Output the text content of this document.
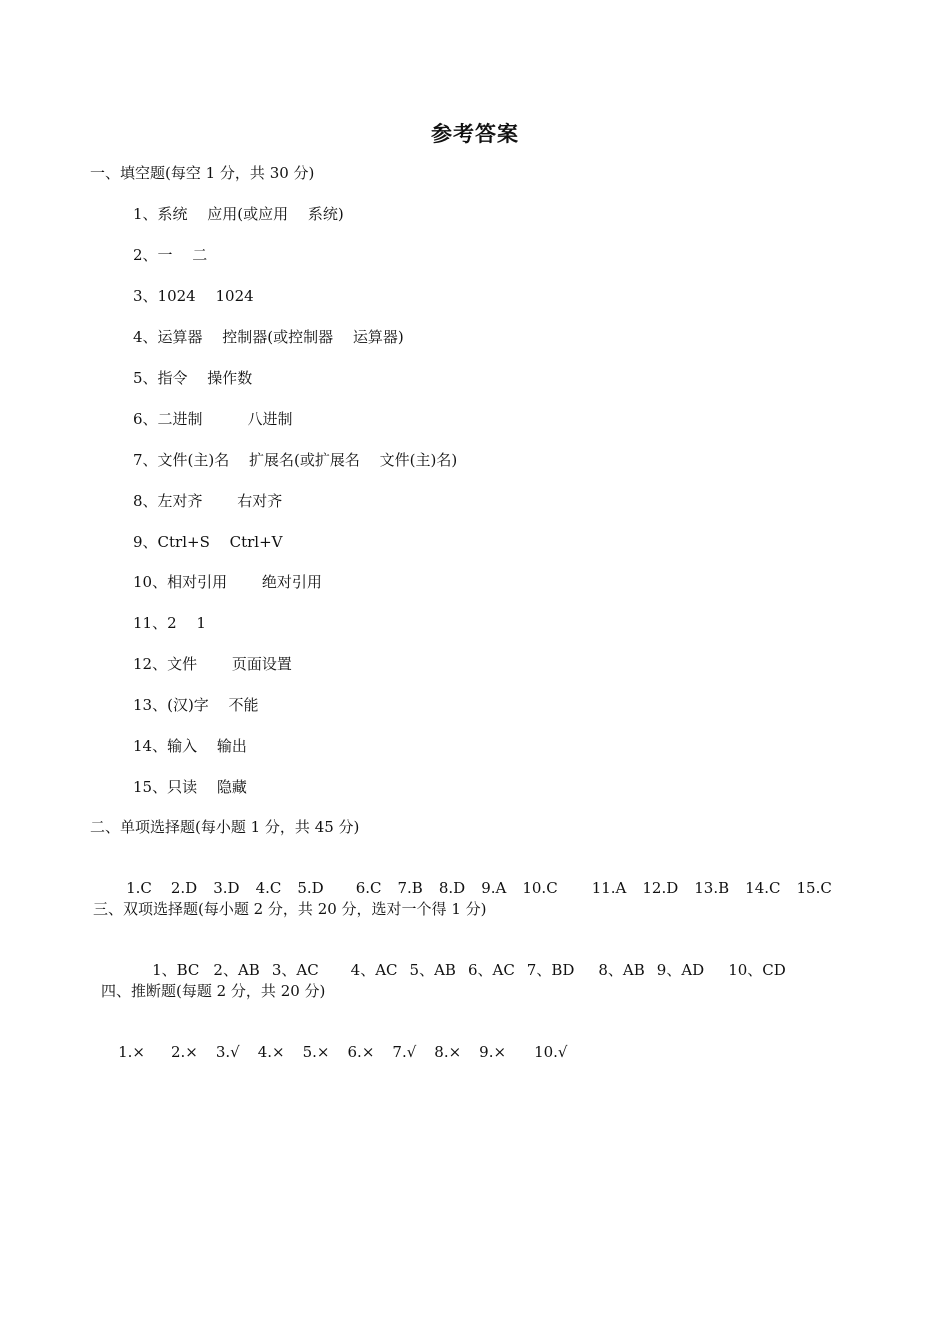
参考答案
一、填空题(每空 1 分，共 30 分)
1、系统　 应用(或应用　 系统)
2、一　 二
3、1024　 1024
4、运算器　 控制器(或控制器　 运算器)
5、指令　 操作数
6、二进制　　　八进制
7、文件(主)名　 扩展名(或扩展名　 文件(主)名)
8、左对齐　　 右对齐
9、Ctrl+S　 Ctrl+V
10、相对引用　　 绝对引用
11、2　 1
12、文件　　 页面设置
13、(汉)字　 不能
14、输入　 输出
15、只读　 隐藏
二、单项选择题(每小题 1 分，共 45 分)

1.C 2.D 3.D 4.C 5.D 6.C 7.B 8.D 9.A 10.C 11.A 12.D 13.B 14.C 15.C

三、双项选择题(每小题 2 分，共 20 分，选对一个得 1 分)

1、BC 2、AB 3、AC 4、AC 5、AB 6、AC 7、BD 8、AB 9、AD 10、CD

四、推断题(每题 2 分，共 20 分)

1.× 2.× 3.√ 4.× 5.× 6.× 7.√ 8.× 9.× 10.√
